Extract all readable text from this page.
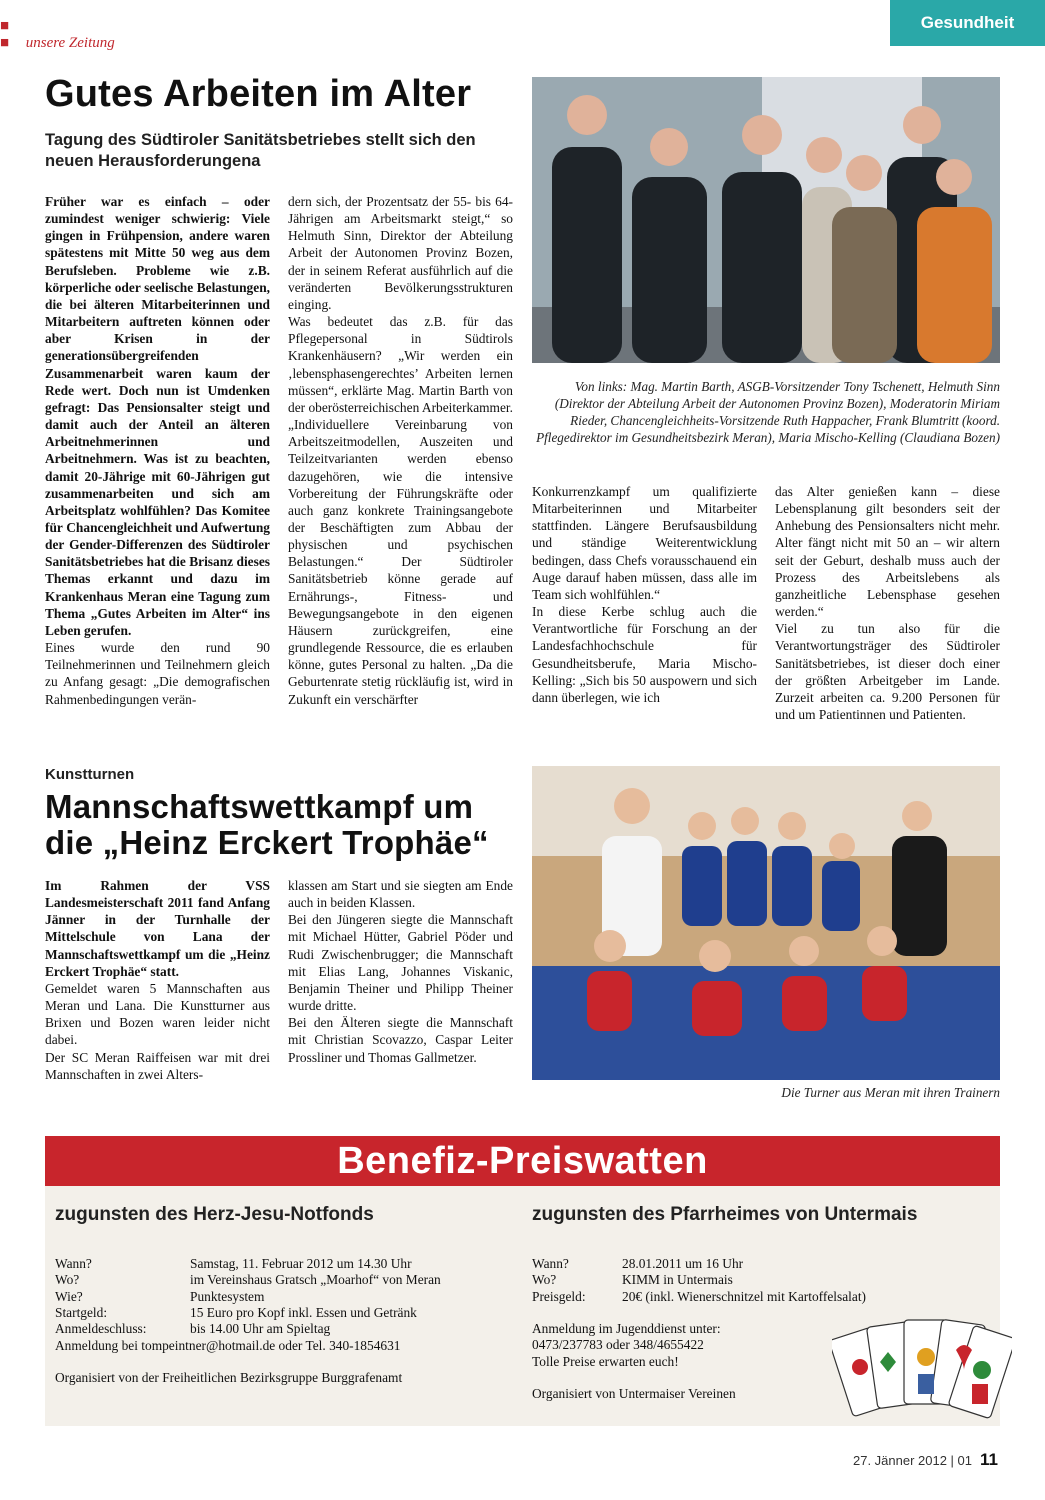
■ ■ unsere Zeitung
Gesundheit
Gutes Arbeiten im Alter
Tagung des Südtiroler Sanitätsbetriebes stellt sich den neuen Herausforderungena

Früher war es einfach – oder zumindest weniger schwierig: Viele gingen in Frühpension, andere waren spätestens mit Mitte 50 weg aus dem Berufsleben. Probleme wie z.B. körperliche oder seelische Belastungen, die bei älteren Mitarbeiterinnen und Mitarbeitern auftreten können oder aber Krisen in der generationsübergreifenden Zusammenarbeit waren kaum der Rede wert. Doch nun ist Umdenken gefragt: Das Pensionsalter steigt und damit auch der Anteil an älteren Arbeitnehmerinnen und Arbeitnehmern. Was ist zu beachten, damit 20-Jährige mit 60-Jährigen gut zusammenarbeiten und sich am Arbeitsplatz wohlfühlen? Das Komitee für Chancengleichheit und Aufwertung der Gender-Differenzen des Südtiroler Sanitätsbetriebes hat die Brisanz dieses Themas erkannt und dazu im Krankenhaus Meran eine Tagung zum Thema „Gutes Arbeiten im Alter“ ins Leben gerufen.

Eines wurde den rund 90 Teilnehmerinnen und Teilnehmern gleich zu Anfang gesagt: „Die demografischen Rahmenbedingungen verän-

dern sich, der Prozentsatz der 55- bis 64-Jährigen am Arbeitsmarkt steigt,“ so Helmuth Sinn, Direktor der Abteilung Arbeit der Autonomen Provinz Bozen, der in seinem Referat ausführlich auf die veränderten Bevölkerungsstrukturen einging.

Was bedeutet das z.B. für das Pflegepersonal in Südtirols Krankenhäusern? „Wir werden ein ‚lebensphasengerechtes’ Arbeiten lernen müssen“, erklärte Mag. Martin Barth von der oberösterreichischen Arbeiterkammer. „Individuellere Vereinbarung von Arbeitszeitmodellen, Auszeiten und Teilzeitvarianten werden ebenso dazugehören, wie die intensive Vorbereitung der Führungskräfte oder auch ganz konkrete Trainingsangebote der Beschäftigten zum Abbau der physischen und psychischen Belastungen.“ Der Südtiroler Sanitätsbetrieb könne gerade auf Ernährungs-, Fitness- und Bewegungsangebote in den eigenen Häusern zurückgreifen, eine grundlegende Ressource, die es erlauben könne, gutes Personal zu halten. „Da die Geburtenrate stetig rückläufig ist, wird in Zukunft ein verschärfter

Von links: Mag. Martin Barth, ASGB-Vorsitzender Tony Tschenett, Helmuth Sinn (Direktor der Abteilung Arbeit der Autonomen Provinz Bozen), Moderatorin Miriam Rieder, Chancengleichheits-Vorsitzende Ruth Happacher, Frank Blumtritt (koord. Pflegedirektor im Gesundheitsbezirk Meran), Maria Mischo-Kelling (Claudiana Bozen)

Konkurrenzkampf um qualifizierte Mitarbeiterinnen und Mitarbeiter stattfinden. Längere Berufsausbildung und ständige Weiterentwicklung bedingen, dass Chefs vorausschauend ein Auge darauf haben müssen, dass alle im Team sich wohlfühlen.“

In diese Kerbe schlug auch die Verantwortliche für Forschung an der Landesfachhochschule für Gesundheitsberufe, Maria Mischo-Kelling: „Sich bis 50 auspowern und sich dann überlegen, wie ich

das Alter genießen kann – diese Lebensplanung gilt besonders seit der Anhebung des Pensionsalters nicht mehr. Alter fängt nicht mit 50 an – wir altern seit der Geburt, deshalb muss auch der Prozess des Arbeitslebens als ganzheitliche Lebensphase gesehen werden.“

Viel zu tun also für die Verantwortungsträger des Südtiroler Sanitätsbetriebes, ist dieser doch einer der größten Arbeitgeber im Lande. Zurzeit arbeiten ca. 9.200 Personen für und um Patientinnen und Patienten.

Kunstturnen
Mannschaftswettkampf um
die „Heinz Erckert Trophäe“

Im Rahmen der VSS Landesmeisterschaft 2011 fand Anfang Jänner in der Turnhalle der Mittelschule von Lana der Mannschaftswettkampf um die „Heinz Erckert Trophäe“ statt.

Gemeldet waren 5 Mannschaften aus Meran und Lana. Die Kunstturner aus Brixen und Bozen waren leider nicht dabei.

Der SC Meran Raiffeisen war mit drei Mannschaften in zwei Alters-

klassen am Start und sie siegten am Ende auch in beiden Klassen.

Bei den Jüngeren siegte die Mannschaft mit Michael Hütter, Gabriel Pöder und Rudi Zwischenbrugger; die Mannschaft mit Elias Lang, Johannes Viskanic, Benjamin Theiner und Philipp Theiner wurde dritte.

Bei den Älteren siegte die Mannschaft mit Christian Scovazzo, Caspar Leiter Prossliner und Thomas Gallmetzer.

Die Turner aus Meran mit ihren Trainern
Benefiz-Preiswatten
zugunsten des Herz-Jesu-Notfonds
Wann?	Samstag, 11. Februar 2012 um 14.30 Uhr
Wo?	im Vereinshaus Gratsch „Moarhof“ von Meran
Wie?	Punktesystem
Startgeld:	15 Euro pro Kopf inkl. Essen und Getränk
Anmeldeschluss:	bis 14.00 Uhr am Spieltag
Anmeldung bei tompeintner@hotmail.de oder Tel. 340-1854631
Organisiert von der Freiheitlichen Bezirksgruppe Burggrafenamt
zugunsten des Pfarrheimes von Untermais
Wann?	28.01.2011 um 16 Uhr
Wo?	KIMM in Untermais
Preisgeld:	20€ (inkl. Wienerschnitzel mit Kartoffelsalat)
Anmeldung im Jugenddienst unter:
0473/237783 oder 348/4655422
Tolle Preise erwarten euch!
Organisiert von Untermaiser Vereinen
27. Jänner 2012 | 01 11
